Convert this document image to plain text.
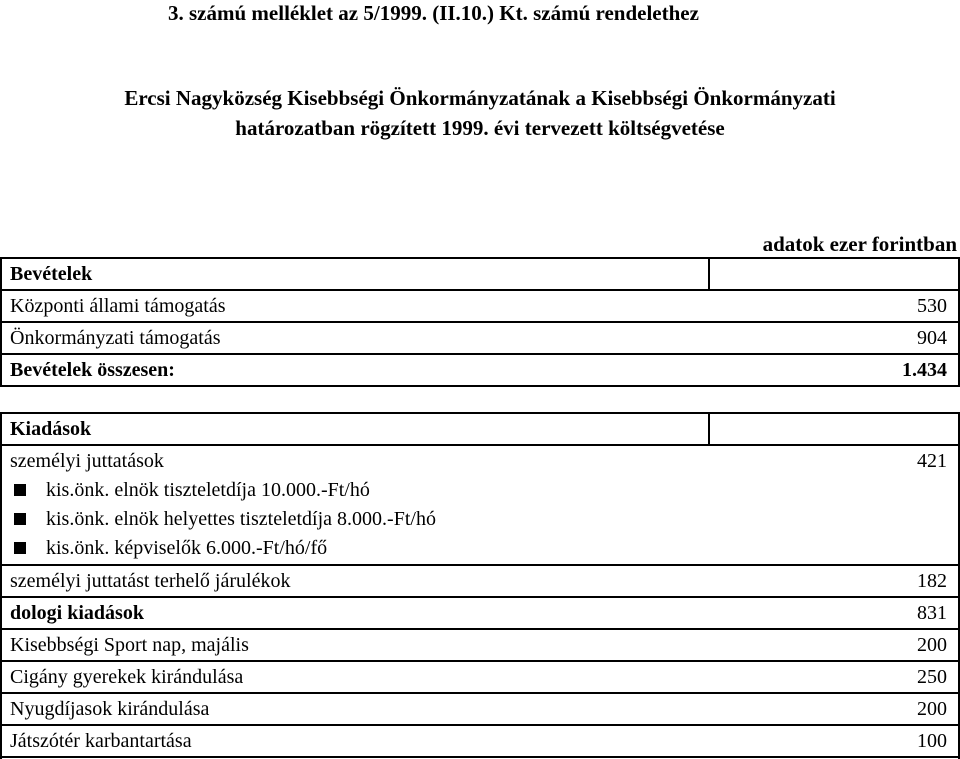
3. számú melléklet az 5/1999. (II.10.) Kt. számú rendelethez
Ercsi Nagyközség Kisebbségi Önkormányzatának a Kisebbségi Önkormányzati
határozatban rögzített 1999. évi tervezett költségvetése
adatok ezer forintban
Bevételek
Központi állami támogatás	530
Önkormányzati támogatás	904
Bevételek összesen:	1.434
Kiadások
személyi juttatások	421
kis.önk. elnök tiszteletdíja 10.000.-Ft/hó
kis.önk. elnök helyettes tiszteletdíja 8.000.-Ft/hó
kis.önk. képviselők 6.000.-Ft/hó/fő
személyi juttatást terhelő járulékok	182
dologi kiadások	831
Kisebbségi Sport nap, majális	200
Cigány gyerekek kirándulása	250
Nyugdíjasok kirándulása	200
Játszótér karbantartása	100
